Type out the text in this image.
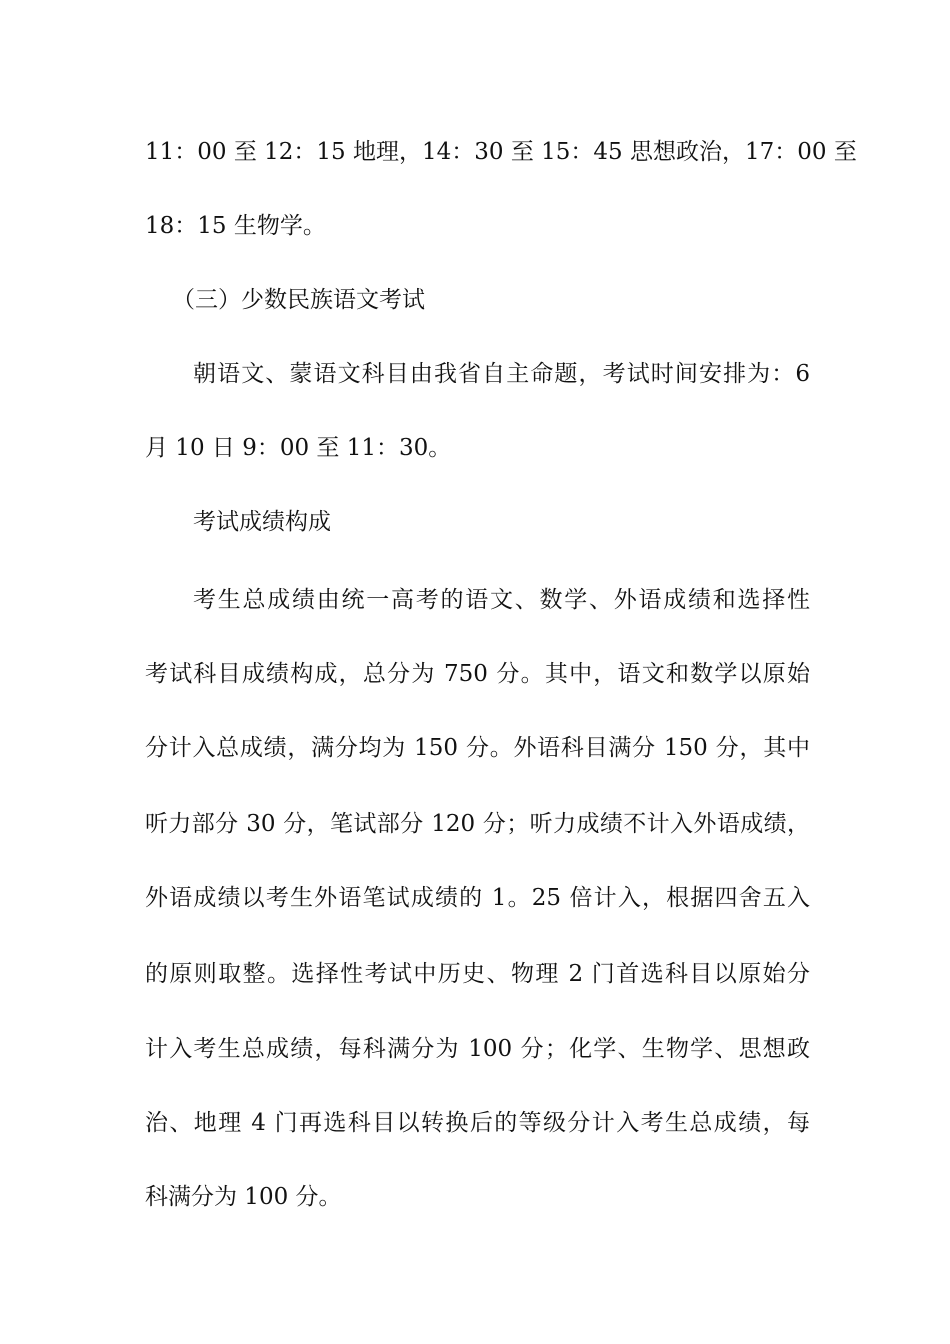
11：00 至 12：15 地理，14：30 至 15：45 思想政治，17：00 至
18：15 生物学。
（三）少数民族语文考试
朝语文、蒙语文科目由我省自主命题，考试时间安排为：6
月 10 日 9：00 至 11：30。
考试成绩构成
考生总成绩由统一高考的语文、数学、外语成绩和选择性
考试科目成绩构成，总分为 750 分。其中，语文和数学以原始
分计入总成绩，满分均为 150 分。外语科目满分 150 分，其中
听力部分 30 分，笔试部分 120 分；听力成绩不计入外语成绩，
外语成绩以考生外语笔试成绩的 1。25 倍计入，根据四舍五入
的原则取整。选择性考试中历史、物理 2 门首选科目以原始分
计入考生总成绩，每科满分为 100 分；化学、生物学、思想政
治、地理 4 门再选科目以转换后的等级分计入考生总成绩，每
科满分为 100 分。
